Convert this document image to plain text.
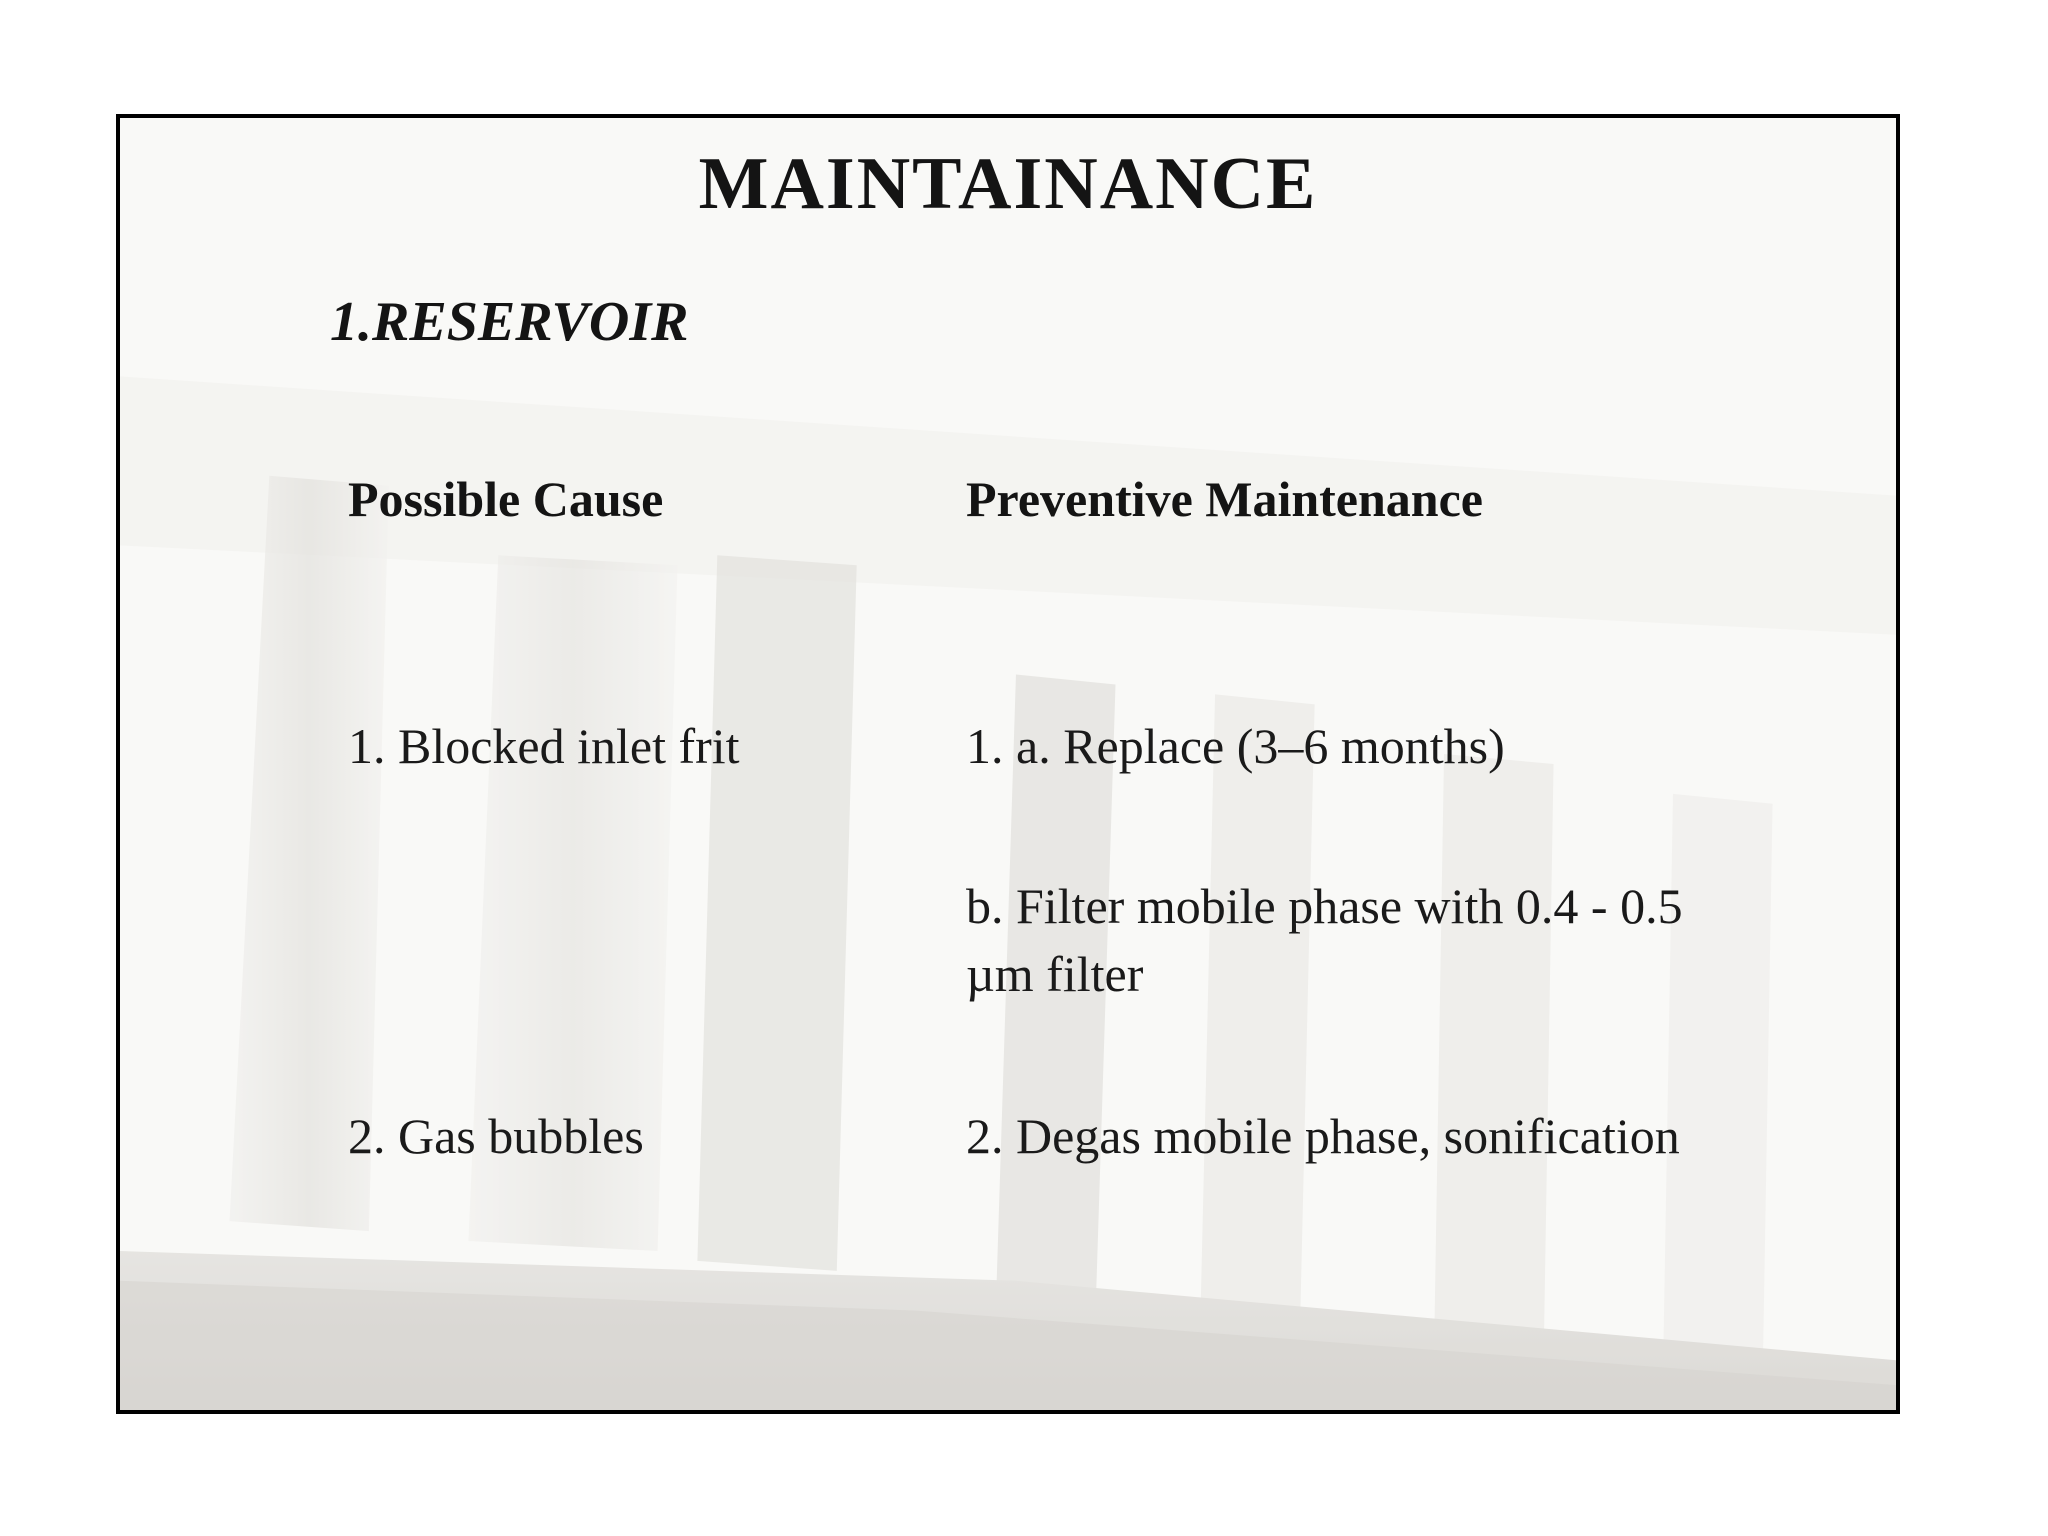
MAINTAINANCE
1.RESERVOIR
Possible Cause	Preventive Maintenance
1. Blocked inlet frit	1. a. Replace (3–6 months)
b. Filter mobile phase with 0.4 - 0.5 µm filter
2. Gas bubbles	2. Degas mobile phase, sonification
